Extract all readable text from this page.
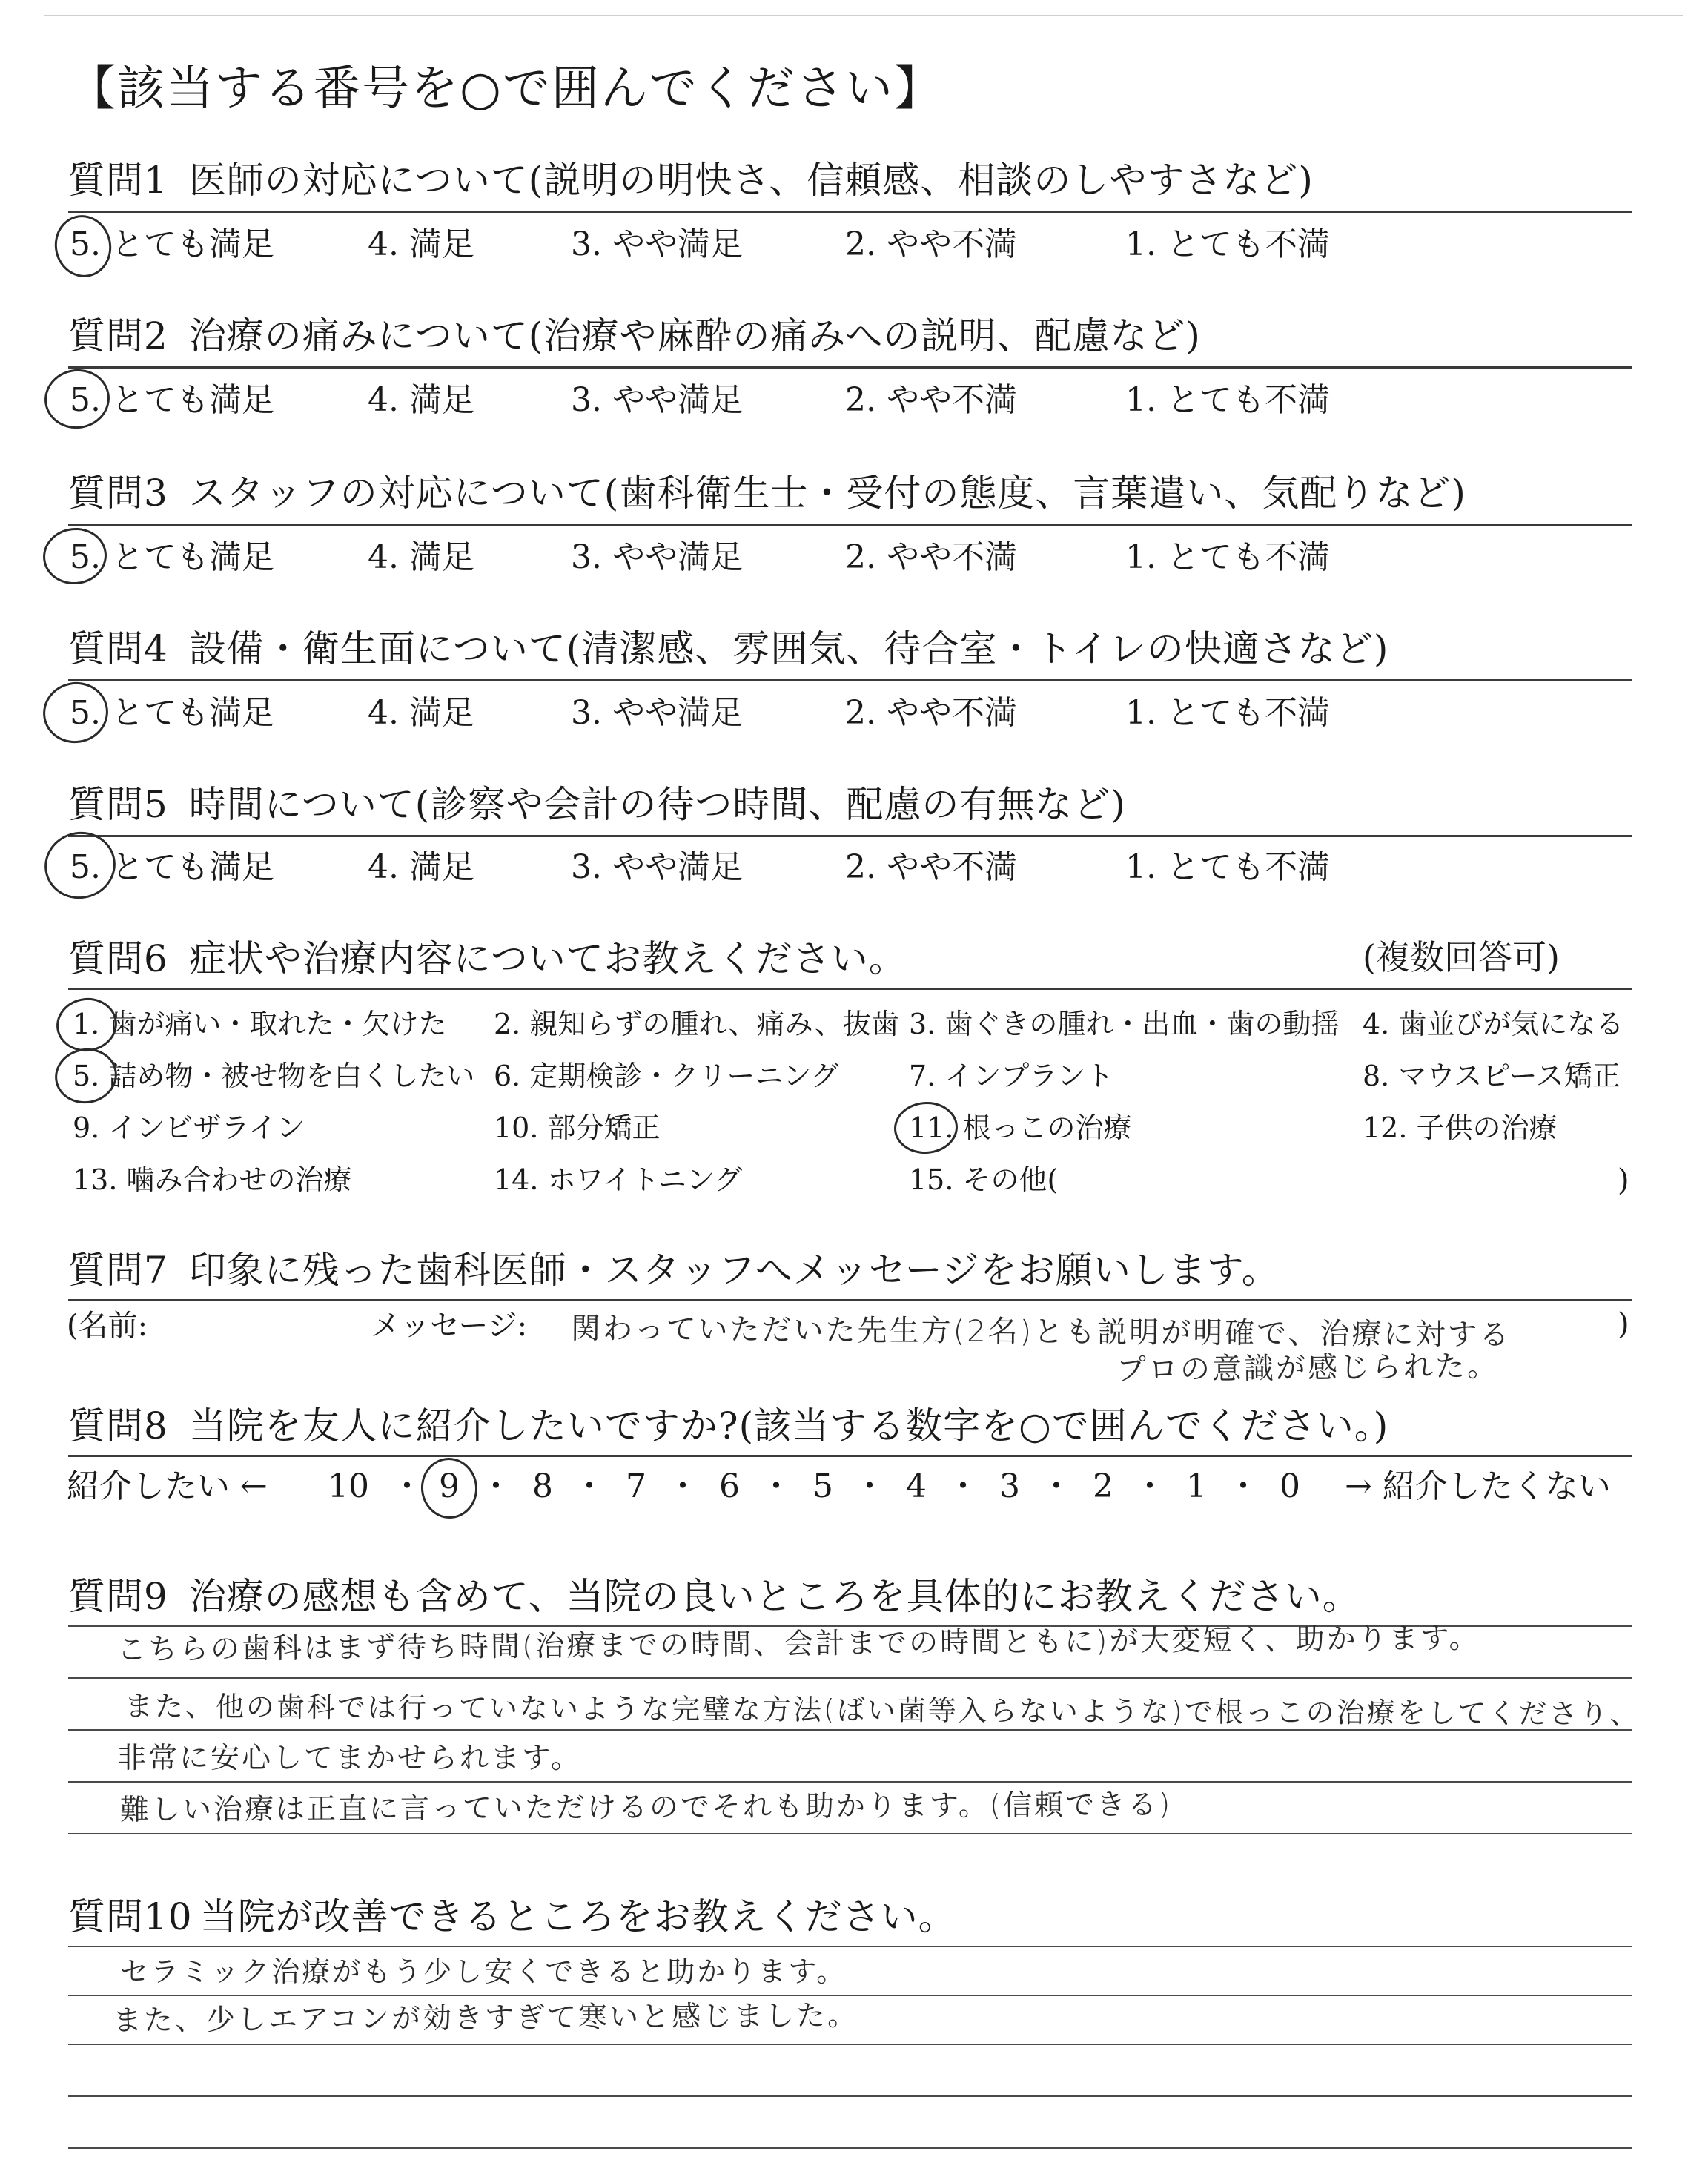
【該当する番号を○で囲んでください】
質問1 医師の対応について(説明の明快さ、信頼感、相談のしやすさなど)
5. とても満足	4. 満足	3. やや満足	2. やや不満	1. とても不満
質問2 治療の痛みについて(治療や麻酔の痛みへの説明、配慮など)
5. とても満足	4. 満足	3. やや満足	2. やや不満	1. とても不満
質問3 スタッフの対応について(歯科衛生士・受付の態度、言葉遣い、気配りなど)
5. とても満足	4. 満足	3. やや満足	2. やや不満	1. とても不満
質問4 設備・衛生面について(清潔感、雰囲気、待合室・トイレの快適さなど)
5. とても満足	4. 満足	3. やや満足	2. やや不満	1. とても不満
質問5 時間について(診察や会計の待つ時間、配慮の有無など)
5. とても満足	4. 満足	3. やや満足	2. やや不満	1. とても不満
質問6 症状や治療内容についてお教えください。	(複数回答可)
1. 歯が痛い・取れた・欠けた 2. 親知らずの腫れ、痛み、抜歯 3. 歯ぐきの腫れ・出血・歯の動揺 4. 歯並びが気になる
5. 詰め物・被せ物を白くしたい 6. 定期検診・クリーニング 7. インプラント	8. マウスピース矯正
9. インビザライン	10. 部分矯正	11. 根っこの治療	12. 子供の治療
13. 噛み合わせの治療	14. ホワイトニング	15. その他(	)
質問7 印象に残った歯科医師・スタッフへメッセージをお願いします。
(名前:	メッセージ:	)
関わっていただいた先生方(2名)とも説明が明確で、治療に対する
プロの意識が感じられた。
質問8 当院を友人に紹介したいですか?(該当する数字を○で囲んでください。)
紹介したい ←	→ 紹介したくない
10 ・ 9 ・ 8 ・ 7 ・ 6 ・ 5 ・ 4 ・ 3 ・ 2 ・ 1 ・ 0
質問9 治療の感想も含めて、当院の良いところを具体的にお教えください。
こちらの歯科はまず待ち時間(治療までの時間、会計までの時間ともに)が大変短く、助かります。
また、他の歯科では行っていないような完璧な方法(ばい菌等入らないような)で根っこの治療をしてくださり、
非常に安心してまかせられます。
難しい治療は正直に言っていただけるのでそれも助かります。(信頼できる)
質問10 当院が改善できるところをお教えください。
セラミック治療がもう少し安くできると助かります。
また、少しエアコンが効きすぎて寒いと感じました。
